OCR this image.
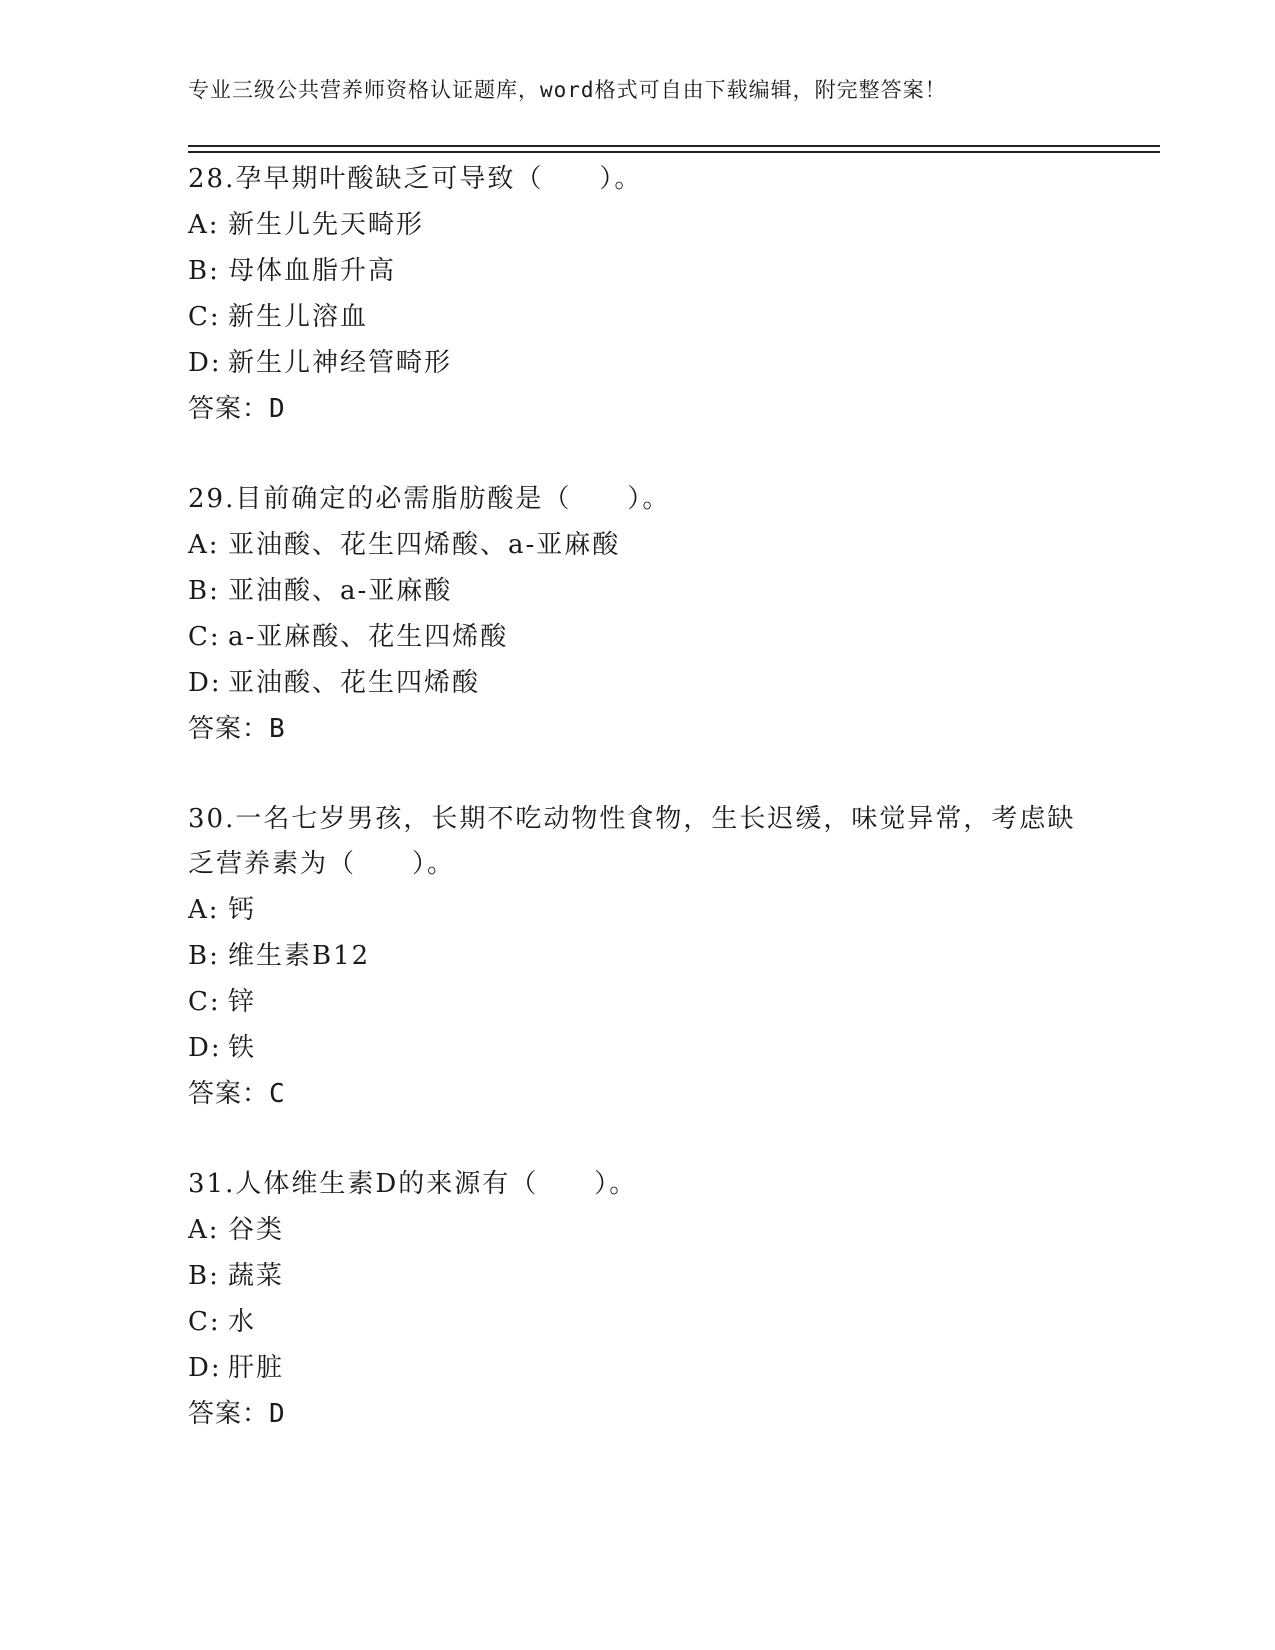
专业三级公共营养师资格认证题库，word格式可自由下载编辑，附完整答案！
28.孕早期叶酸缺乏可导致（　　）。
A: 新生儿先天畸形
B: 母体血脂升高
C: 新生儿溶血
D: 新生儿神经管畸形
答案：D
29.目前确定的必需脂肪酸是（　　）。
A: 亚油酸、花生四烯酸、a-亚麻酸
B: 亚油酸、a-亚麻酸
C: a-亚麻酸、花生四烯酸
D: 亚油酸、花生四烯酸
答案：B
30.一名七岁男孩，长期不吃动物性食物，生长迟缓，味觉异常，考虑缺乏营养素为（　　）。
A: 钙
B: 维生素B12
C: 锌
D: 铁
答案：C
31.人体维生素D的来源有（　　）。
A: 谷类
B: 蔬菜
C: 水
D: 肝脏
答案：D
